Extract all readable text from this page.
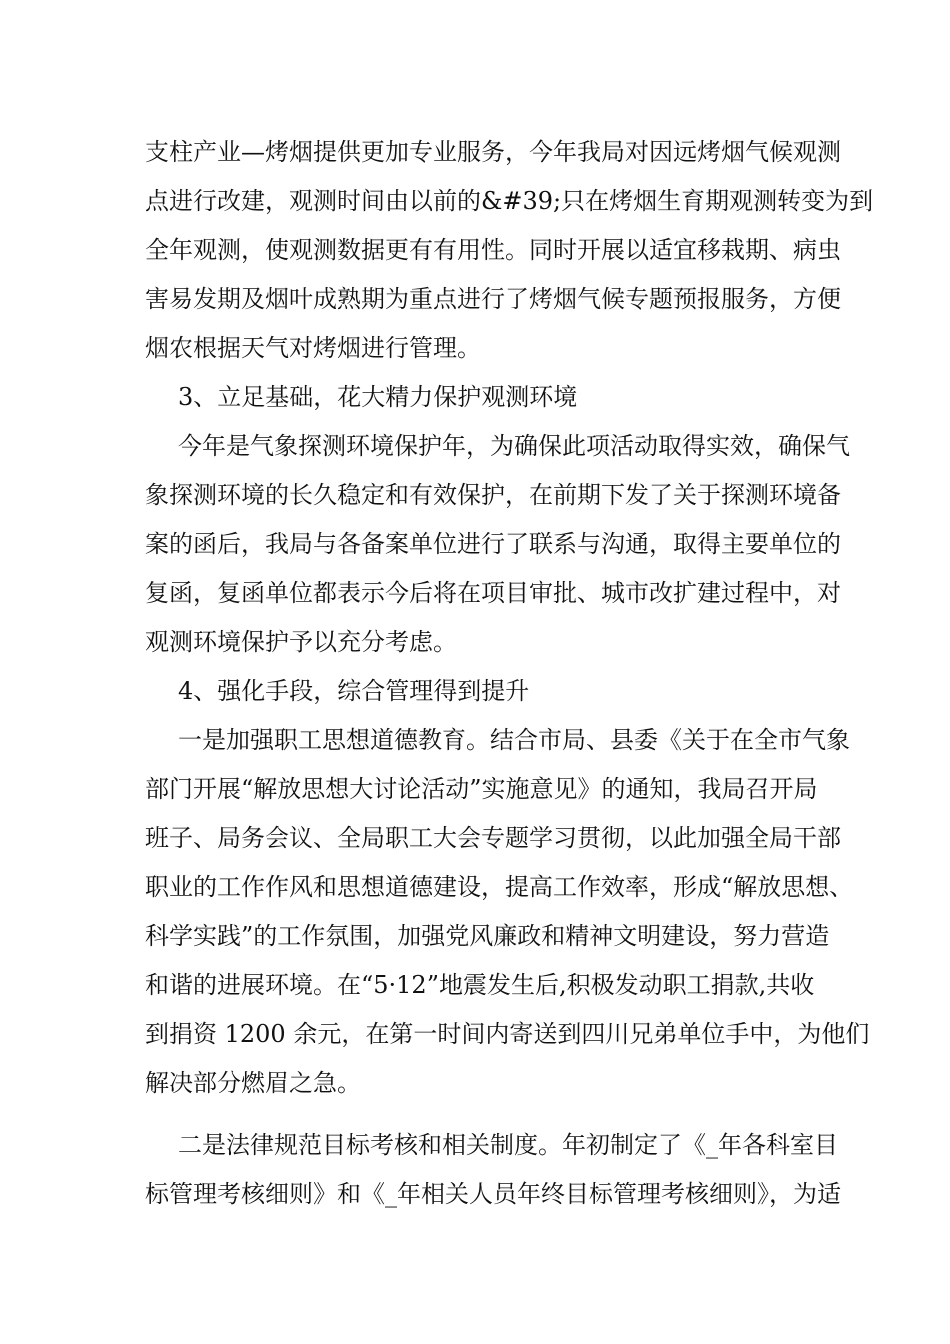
支柱产业—烤烟提供更加专业服务，今年我局对因远烤烟气候观测
点进行改建，观测时间由以前的&#39;只在烤烟生育期观测转变为到
全年观测，使观测数据更有有用性。同时开展以适宜移栽期、病虫
害易发期及烟叶成熟期为重点进行了烤烟气候专题预报服务，方便
烟农根据天气对烤烟进行管理。
3、立足基础，花大精力保护观测环境
今年是气象探测环境保护年，为确保此项活动取得实效，确保气
象探测环境的长久稳定和有效保护，在前期下发了关于探测环境备
案的函后，我局与各备案单位进行了联系与沟通，取得主要单位的
复函，复函单位都表示今后将在项目审批、城市改扩建过程中，对
观测环境保护予以充分考虑。
4、强化手段，综合管理得到提升
一是加强职工思想道德教育。结合市局、县委《关于在全市气象
部门开展“解放思想大讨论活动”实施意见》的通知，我局召开局
班子、局务会议、全局职工大会专题学习贯彻，以此加强全局干部
职业的工作作风和思想道德建设，提高工作效率，形成“解放思想、
科学实践”的工作氛围，加强党风廉政和精神文明建设，努力营造
和谐的进展环境。在“5·12”地震发生后,积极发动职工捐款,共收
到捐资 1200 余元，在第一时间内寄送到四川兄弟单位手中，为他们
解决部分燃眉之急。
二是法律规范目标考核和相关制度。年初制定了《_年各科室目
标管理考核细则》和《_年相关人员年终目标管理考核细则》，为适
